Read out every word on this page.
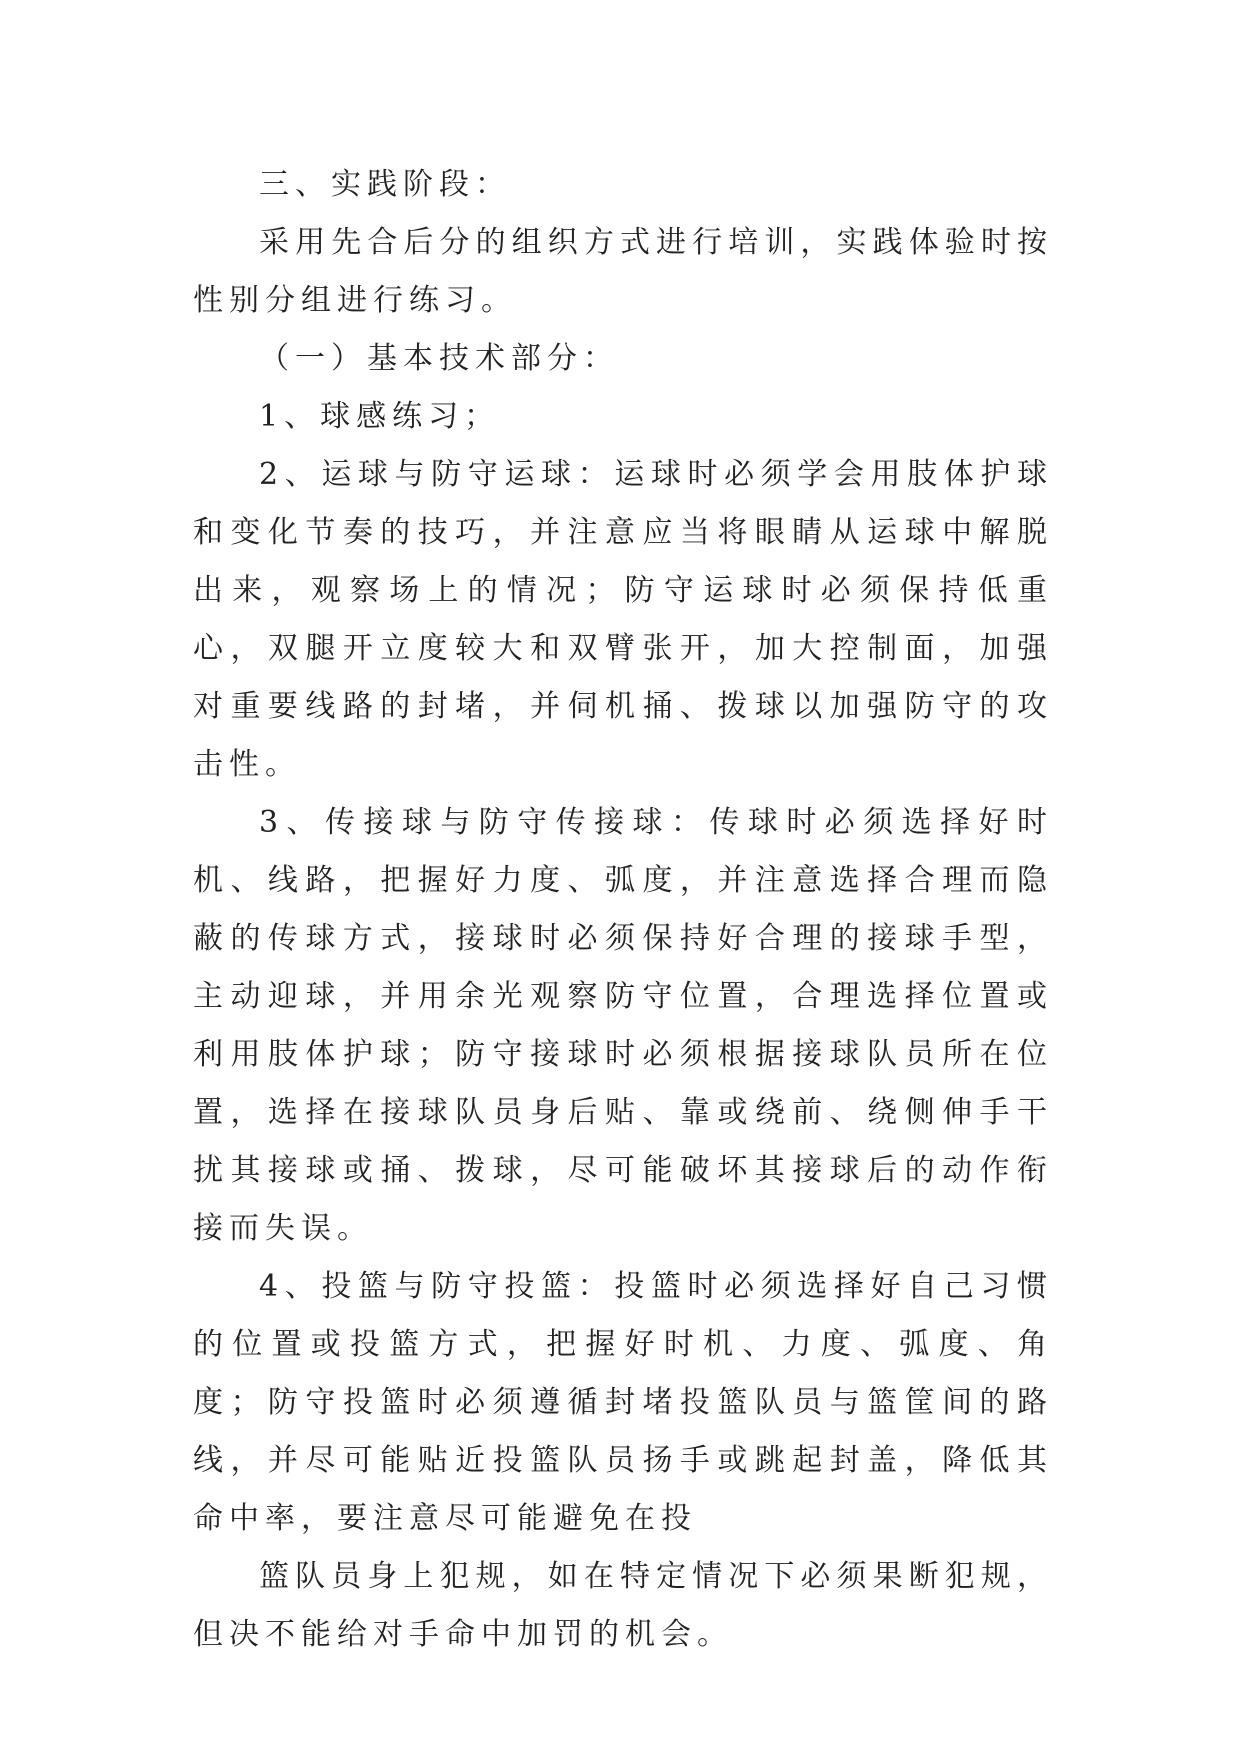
三、实践阶段：

采用先合后分的组织方式进行培训，实践体验时按性别分组进行练习。

（一）基本技术部分：

1、球感练习；

2、运球与防守运球：运球时必须学会用肢体护球和变化节奏的技巧，并注意应当将眼睛从运球中解脱出来，观察场上的情况；防守运球时必须保持低重心，双腿开立度较大和双臂张开，加大控制面，加强对重要线路的封堵，并伺机捅、拨球以加强防守的攻击性。

3、传接球与防守传接球：传球时必须选择好时机、线路，把握好力度、弧度，并注意选择合理而隐蔽的传球方式，接球时必须保持好合理的接球手型，主动迎球，并用余光观察防守位置，合理选择位置或利用肢体护球；防守接球时必须根据接球队员所在位置，选择在接球队员身后贴、靠或绕前、绕侧伸手干扰其接球或捅、拨球，尽可能破坏其接球后的动作衔接而失误。

4、投篮与防守投篮：投篮时必须选择好自己习惯的位置或投篮方式，把握好时机、力度、弧度、角度；防守投篮时必须遵循封堵投篮队员与篮筐间的路线，并尽可能贴近投篮队员扬手或跳起封盖，降低其命中率，要注意尽可能避免在投

篮队员身上犯规，如在特定情况下必须果断犯规，但决不能给对手命中加罚的机会。
